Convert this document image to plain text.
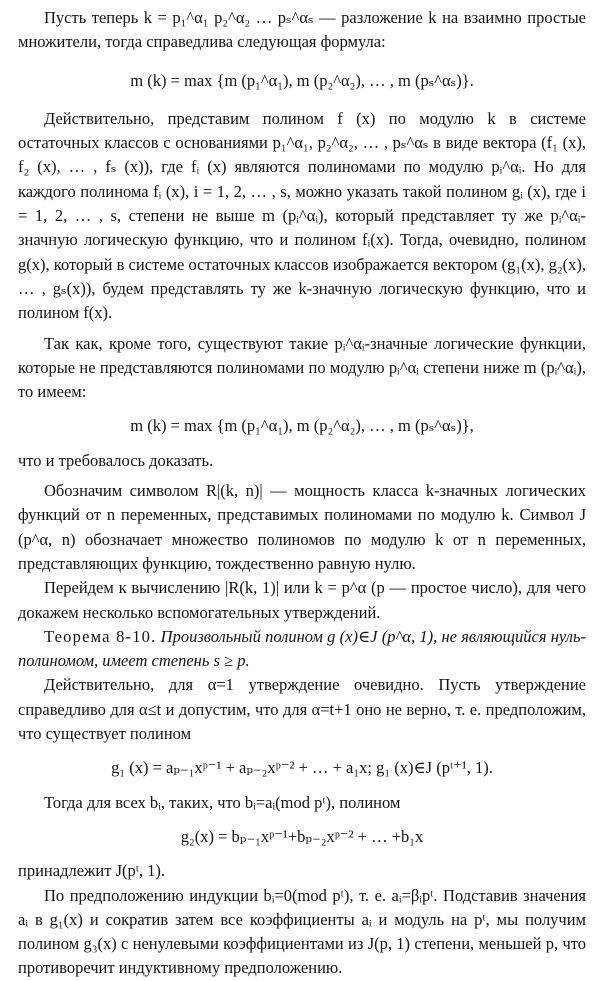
Пусть теперь k = p₁^α₁ p₂^α₂ … pₛ^αₛ — разложение k на взаимно простые множители, тогда справедлива следующая формула:

m (k) = max {m (p₁^α₁), m (p₂^α₂), … , m (pₛ^αₛ)}.

Действительно, представим полином f (x) по модулю k в системе остаточных классов с основаниями p₁^α₁, p₂^α₂, … , pₛ^αₛ в виде вектора (f₁ (x), f₂ (x), … , fₛ (x)), где fᵢ (x) являются полиномами по модулю pᵢ^αᵢ. Но для каждого полинома fᵢ (x), i = 1, 2, … , s, можно указать такой полином gᵢ (x), где i = 1, 2, … , s, степени не выше m (pᵢ^αᵢ), который представляет ту же pᵢ^αᵢ-значную логическую функцию, что и полином fᵢ(x). Тогда, очевидно, полином g(x), который в системе остаточных классов изображается вектором (g₁(x), g₂(x), … , gₛ(x)), будем представлять ту же k-значную логическую функцию, что и полином f(x).

Так как, кроме того, существуют такие pᵢ^αᵢ-значные логические функции, которые не представляются полиномами по модулю pᵢ^αᵢ степени ниже m (pᵢ^αᵢ), то имеем:

m (k) = max {m (p₁^α₁), m (p₂^α₂), … , m (pₛ^αₛ)},

что и требовалось доказать.

Обозначим символом R|(k, n)| — мощность класса k-значных логических функций от n переменных, представимых полиномами по модулю k. Символ J (p^α, n) обозначает множество полиномов по модулю k от n переменных, представляющих функцию, тождественно равную нулю.

Перейдем к вычислению |R(k, 1)| или k = p^α (p — простое число), для чего докажем несколько вспомогательных утверждений.

Теорема 8-10. Произвольный полином g (x)∈J (p^α, 1), не являющийся нуль-полиномом, имеет степень s ≥ p.

Действительно, для α=1 утверждение очевидно. Пусть утверждение справедливо для α≤t и допустим, что для α=t+1 оно не верно, т. е. предположим, что существует полином

g₁ (x) = aₚ₋₁xᵖ⁻¹ + aₚ₋₂xᵖ⁻² + … + a₁x; g₁ (x)∈J (pᵗ⁺¹, 1).

Тогда для всех bᵢ, таких, что bᵢ=aᵢ(mod pᵗ), полином

g₂(x) = bₚ₋₁xᵖ⁻¹+bₚ₋₂xᵖ⁻² + … +b₁x

принадлежит J(pᵗ, 1).

По предположению индукции bᵢ=0(mod pᵗ), т. е. aᵢ=βᵢpᵗ. Подставив значения aᵢ в g₁(x) и сократив затем все коэффициенты aᵢ и модуль на pᵗ, мы получим полином g₃(x) с ненулевыми коэффициентами из J(p, 1) степени, меньшей p, что противоречит индуктивному предположению.
